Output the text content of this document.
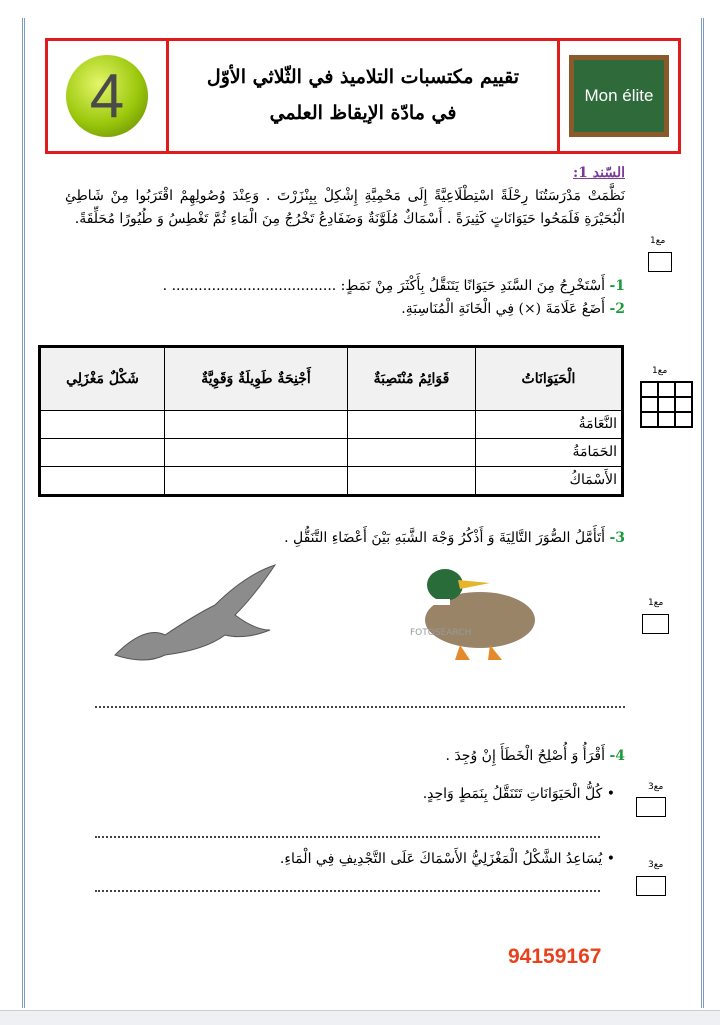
4	تقييم مكتسبات التلاميذ في الثّلاثي الأوّل
في مادّة الإيقاظ العلمي
Mon élite
السّند 1:
نَظَّمَتْ مَدْرَسَتُنَا رِحْلَةً اسْتِطْلَاعِيَّةً إِلَى مَحْمِيَّةِ إِشْكِلْ بِبِنْزَرْتَ . وَعِنْدَ وُصُولِهِمْ اقْتَرَبُوا مِنْ شَاطِئِ الْبُحَيْرَةِ فَلَمَحُوا حَيَوَانَاتٍ كَثِيرَةً . أَسْمَاكٌ مُلَوَّنَةٌ وَضَفَادِعُ تَخْرُجُ مِنَ الْمَاءِ ثُمَّ تَغْطِسُ وَ طُيُورًا مُحَلِّقَةً.
1- أَسْتَخْرِجُ مِنَ السَّنَدِ حَيَوَانًا يَتَنَقَّلُ بِأَكْثَرَ مِنْ نَمَطٍ: ..................................... .
2- أَضَعُ عَلَامَةَ (×) فِي الْخَانَةِ الْمُنَاسِبَةِ.
مع1
الْحَيَوَانَاتُ	قَوَائِمُ مُنْتَصِبَةٌ	أَجْنِحَةٌ طَوِيلَةٌ وَقَوِيَّةٌ	شَكْلٌ مَغْزَلِي
النَّعَامَةُ			
الحَمَامَةُ			
الأَسْمَاكُ			
مع1
3- أَتَأَمَّلُ الصُّوَرَ التَّالِيَةَ وَ أَذْكُرُ وَجْهَ الشَّبَهِ بَيْنَ أَعْضَاءِ التَّنَقُّلِ .
FOTOSEARCH
مع1
4- أَقْرَأُ وَ أُصْلِحُ الْخَطَأَ إِنْ وُجِدَ .
• كُلُّ الْحَيَوَانَاتِ تَتَنَقَّلُ بِنَمَطٍ وَاحِدٍ.
• يُسَاعِدُ الشَّكْلُ الْمَغْزَلِيُّ الأَسْمَاكَ عَلَى التَّجْدِيفِ فِي الْمَاءِ.
مع3
مع3
94159167
